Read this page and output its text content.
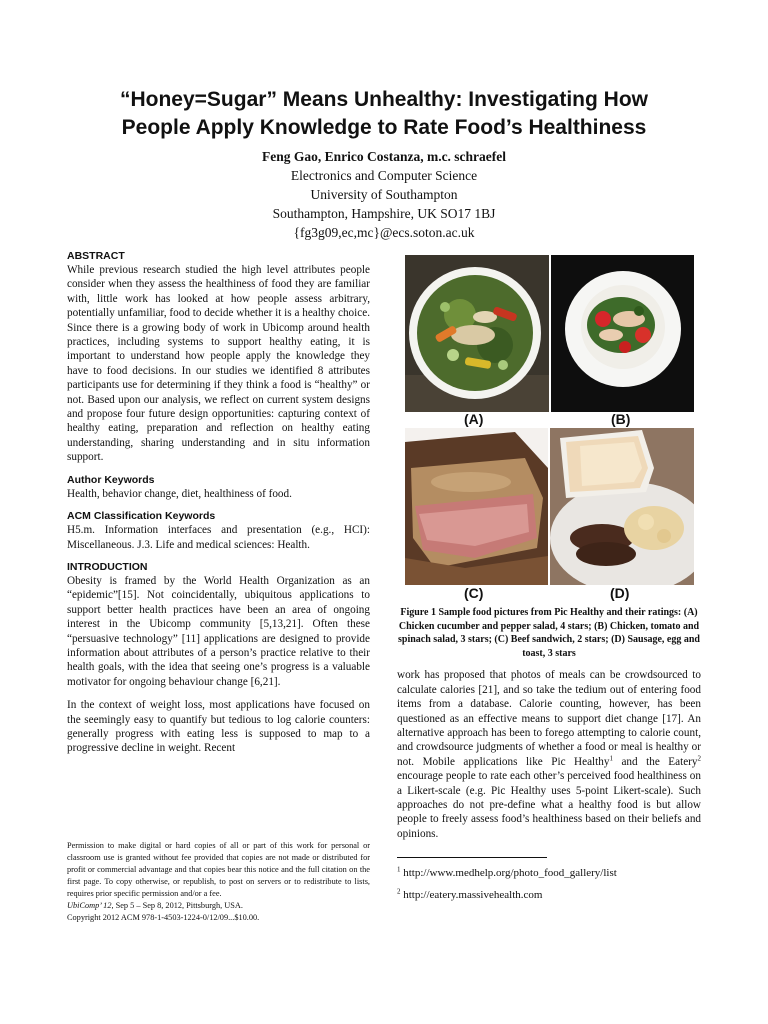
“Honey=Sugar” Means Unhealthy: Investigating How
People Apply Knowledge to Rate Food’s Healthiness
Feng Gao, Enrico Costanza, m.c. schraefel
Electronics and Computer Science
University of Southampton
Southampton, Hampshire, UK SO17 1BJ
{fg3g09,ec,mc}@ecs.soton.ac.uk
ABSTRACT

While previous research studied the high level attributes people consider when they assess the healthiness of food they are familiar with, little work has looked at how people assess arbitrary, potentially unfamiliar, food to decide whether it is a healthy choice. Since there is a growing body of work in Ubicomp around health practices, including systems to support healthy eating, it is important to understand how people apply the knowledge they have to food decisions. In our studies we identified 8 attributes participants use for determining if they think a food is “healthy” or not. Based upon our analysis, we reflect on current system designs and propose four future design opportunities: capturing context of healthy eating, preparation and reflection on healthy eating understanding, sharing understanding and in situ information support.

Author Keywords

Health, behavior change, diet, healthiness of food.

ACM Classification Keywords

H5.m. Information interfaces and presentation (e.g., HCI): Miscellaneous. J.3. Life and medical sciences: Health.

INTRODUCTION

Obesity is framed by the World Health Organization as an “epidemic”[15]. Not coincidentally, ubiquitous applications to support better health practices have been an area of ongoing interest in the Ubicomp community [5,13,21]. Often these “persuasive technology” [11] applications are designed to provide information about attributes of a person’s practice relative to their health goals, with the idea that seeing one’s progress is a valuable motivator for ongoing behaviour change [6,21].

In the context of weight loss, most applications have focused on the seemingly easy to quantify but tedious to log calorie counters: generally progress with eating less is supposed to map to a progressive decline in weight. Recent

Permission to make digital or hard copies of all or part of this work for personal or classroom use is granted without fee provided that copies are not made or distributed for profit or commercial advantage and that copies bear this notice and the full citation on the first page. To copy otherwise, or republish, to post on servers or to redistribute to lists, requires prior specific permission and/or a fee.
UbiComp’ 12, Sep 5 – Sep 8, 2012, Pittsburgh, USA.
Copyright 2012 ACM 978-1-4503-1224-0/12/09...$10.00.
(A)	(B)
(C)	(D)

Figure 1 Sample food pictures from Pic Healthy and their ratings: (A) Chicken cucumber and pepper salad, 4 stars; (B) Chicken, tomato and spinach salad, 3 stars; (C) Beef sandwich, 2 stars; (D) Sausage, egg and toast, 3 stars

work has proposed that photos of meals can be crowdsourced to calculate calories [21], and so take the tedium out of entering food items from a database. Calorie counting, however, has been questioned as an effective means to support diet change [17]. An alternative approach has been to forego attempting to calorie count, and crowdsource judgments of whether a food or meal is healthy or not. Mobile applications like Pic Healthy$^1$ and the Eatery$^2$ encourage people to rate each other’s perceived food healthiness on a Likert-scale (e.g. Pic Healthy uses 5-point Likert-scale). Such approaches do not pre-define what a healthy food is but allow people to freely assess food’s healthiness based on their beliefs and opinions.

$^1$ http://www.medhelp.org/photo_food_gallery/list

$^2$ http://eatery.massivehealth.com
